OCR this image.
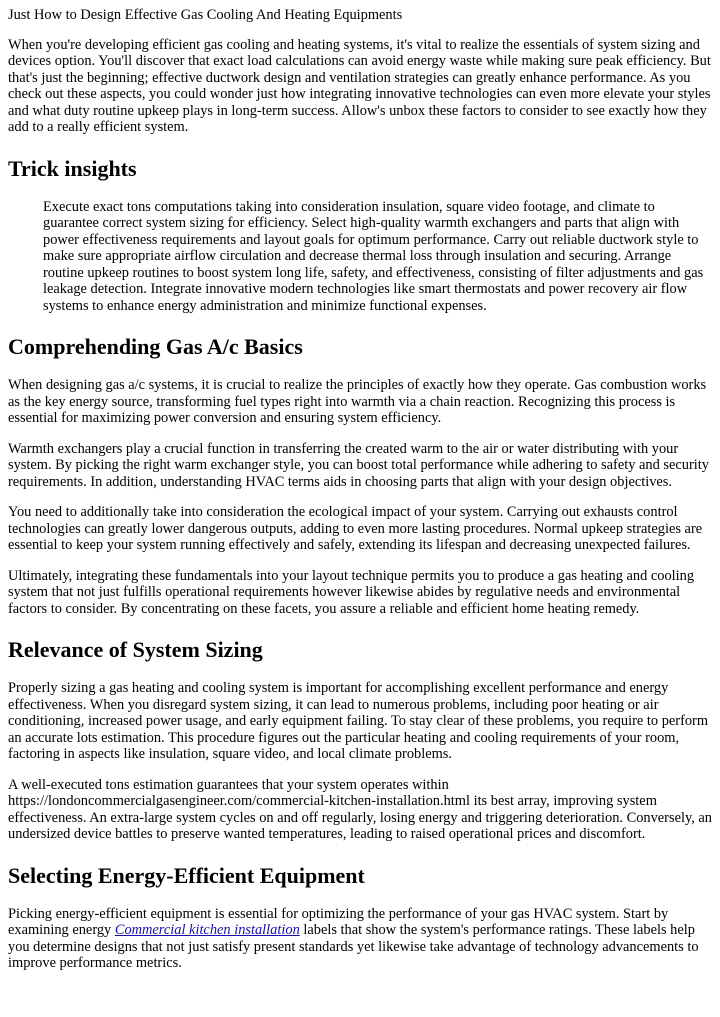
Just How to Design Effective Gas Cooling And Heating Equipments

When you're developing efficient gas cooling and heating systems, it's vital to realize the essentials of system sizing and devices option. You'll discover that exact load calculations can avoid energy waste while making sure peak efficiency. But that's just the beginning; effective ductwork design and ventilation strategies can greatly enhance performance. As you check out these aspects, you could wonder just how integrating innovative technologies can even more elevate your styles and what duty routine upkeep plays in long-term success. Allow's unbox these factors to consider to see exactly how they add to a really efficient system.

Trick insights
Execute exact tons computations taking into consideration insulation, square video footage, and climate to guarantee correct system sizing for efficiency. Select high-quality warmth exchangers and parts that align with power effectiveness requirements and layout goals for optimum performance. Carry out reliable ductwork style to make sure appropriate airflow circulation and decrease thermal loss through insulation and securing. Arrange routine upkeep routines to boost system long life, safety, and effectiveness, consisting of filter adjustments and gas leakage detection. Integrate innovative modern technologies like smart thermostats and power recovery air flow systems to enhance energy administration and minimize functional expenses.
Comprehending Gas A/c Basics

When designing gas a/c systems, it is crucial to realize the principles of exactly how they operate. Gas combustion works as the key energy source, transforming fuel types right into warmth via a chain reaction. Recognizing this process is essential for maximizing power conversion and ensuring system efficiency.

Warmth exchangers play a crucial function in transferring the created warm to the air or water distributing with your system. By picking the right warm exchanger style, you can boost total performance while adhering to safety and security requirements. In addition, understanding HVAC terms aids in choosing parts that align with your design objectives.

You need to additionally take into consideration the ecological impact of your system. Carrying out exhausts control technologies can greatly lower dangerous outputs, adding to even more lasting procedures. Normal upkeep strategies are essential to keep your system running effectively and safely, extending its lifespan and decreasing unexpected failures.

Ultimately, integrating these fundamentals into your layout technique permits you to produce a gas heating and cooling system that not just fulfills operational requirements however likewise abides by regulative needs and environmental factors to consider. By concentrating on these facets, you assure a reliable and efficient home heating remedy.

Relevance of System Sizing

Properly sizing a gas heating and cooling system is important for accomplishing excellent performance and energy effectiveness. When you disregard system sizing, it can lead to numerous problems, including poor heating or air conditioning, increased power usage, and early equipment failing. To stay clear of these problems, you require to perform an accurate lots estimation. This procedure figures out the particular heating and cooling requirements of your room, factoring in aspects like insulation, square video, and local climate problems.

A well-executed tons estimation guarantees that your system operates within https://londoncommercialgasengineer.com/commercial-kitchen-installation.html its best array, improving system effectiveness. An extra-large system cycles on and off regularly, losing energy and triggering deterioration. Conversely, an undersized device battles to preserve wanted temperatures, leading to raised operational prices and discomfort.

Selecting Energy-Efficient Equipment

Picking energy-efficient equipment is essential for optimizing the performance of your gas HVAC system. Start by examining energy Commercial kitchen installation labels that show the system's performance ratings. These labels help you determine designs that not just satisfy present standards yet likewise take advantage of technology advancements to improve performance metrics.
